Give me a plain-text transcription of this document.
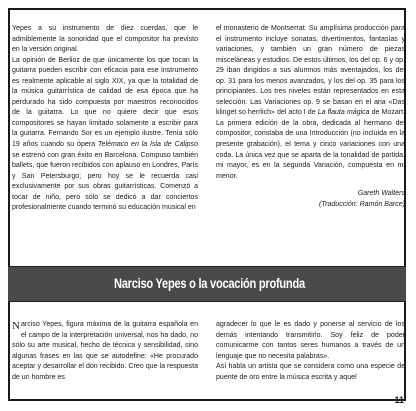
Yepes a su instrumento de diez cuerdas, que le admiblemente la sonoridad que el compositor ha previsto en la versión original.

La opinión de Berlioz de que únicamente los que tocan la guitarra pueden escribir con eficacia para ese instrumento es realmente aplicable al siglo XIX, ya que la totalidad de la música guitarrística de calidad de esa época que ha perdurado ha sido compuesta por maestros reconocidos de la guitarra. Lo que no quiere decir que esos compositores se hayan limitado solamente a escribir para la guitarra. Fernando Sor es un ejemplo ilustre. Tenía sólo 19 años cuando su ópera Telémaco en la Isla de Calipso se estrenó con gran éxito en Barcelona. Compuso también ballets, que fueron recibidos con aplauso en Londres, París y San Petersburgo; pero hoy se le recuerda casi exclusivamente por sus obras guitarrísticas. Comenzó a tocar de niño, pero sólo se dedicó a dar conciertos profesionalmente cuando terminó su educación musical en

el monasterio de Montserrat. Su amplísima producción para el instrumento incluye sonatas, divertimentos, fantasías y variaciones, y también un gran número de piezas misceláneas y estudios. De estos últimos, los del op. 6 y op. 29 iban dirigidos a sus alumnos más aventajados, los del op. 31 para los menos avanzados, y los del op. 35 para los principiantes. Los tres niveles están representados en esta selección. Las Variaciones op. 9 se basan en el aria «Das klinget so herrlich» del acto I de La flauta mágica de Mozart. La primera edición de la obra, dedicada al hermano del compositor, constaba de una Introducción (no incluida en la presente grabación), el tema y cinco variaciones con una coda. La única vez que se aparta de la tonalidad de partida, mi mayor, es en la segunda Variación, compuesta en mi menor.

Gareth Walters
(Traducción: Ramón Barce)
Narciso Yepes o la vocación profunda

Narciso Yepes, figura máxima de la guitarra española en el campo de la interpretación universal, nos ha dado, no sólo su arte musical, hecho de técnica y sensibilidad, sino algunas frases en las que se autodefine: «He procurado aceptar y desarrollar el don recibido. Creo que la respuesta de un hombre es

agradecer lo que le es dado y ponerse al servicio de los demás intentando transmitirlo. Soy feliz de poder comunicarme con tantos seres humanos a través de un lenguaje que no necesita palabras».

Así habla un artista que se considera como una especie de puente de oro entre la música escrita y aquel

11
